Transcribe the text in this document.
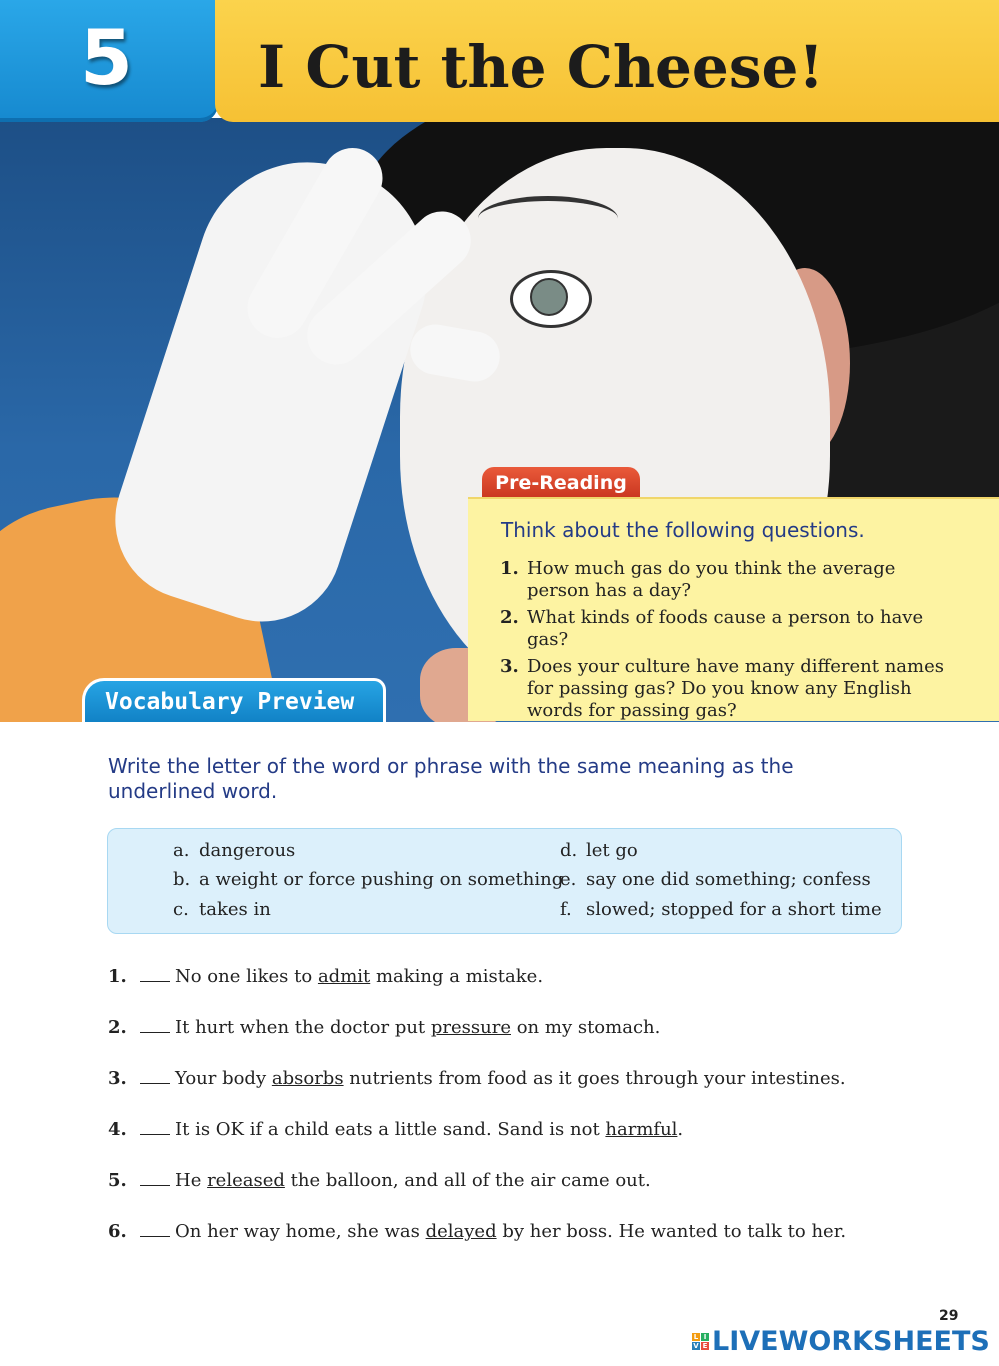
5 I Cut the Cheese!
Pre-Reading

Think about the following questions.

1. How much gas do you think the average person has a day?
2. What kinds of foods cause a person to have gas?
3. Does your culture have many different names for passing gas? Do you know any English words for passing gas?
Vocabulary Preview

Write the letter of the word or phrase with the same meaning as the underlined word.

a. dangerous
b. a weight or force pushing on something
c. takes in
d. let go
e. say one did something; confess
f. slowed; stopped for a short time
1.	No one likes to admit making a mistake.
2.	It hurt when the doctor put pressure on my stomach.
3.	Your body absorbs nutrients from food as it goes through your intestines.
4.	It is OK if a child eats a little sand. Sand is not harmful.
5.	He released the balloon, and all of the air came out.
6.	On her way home, she was delayed by her boss. He wanted to talk to her.
29
L I
V E LIVEWORKSHEETS
